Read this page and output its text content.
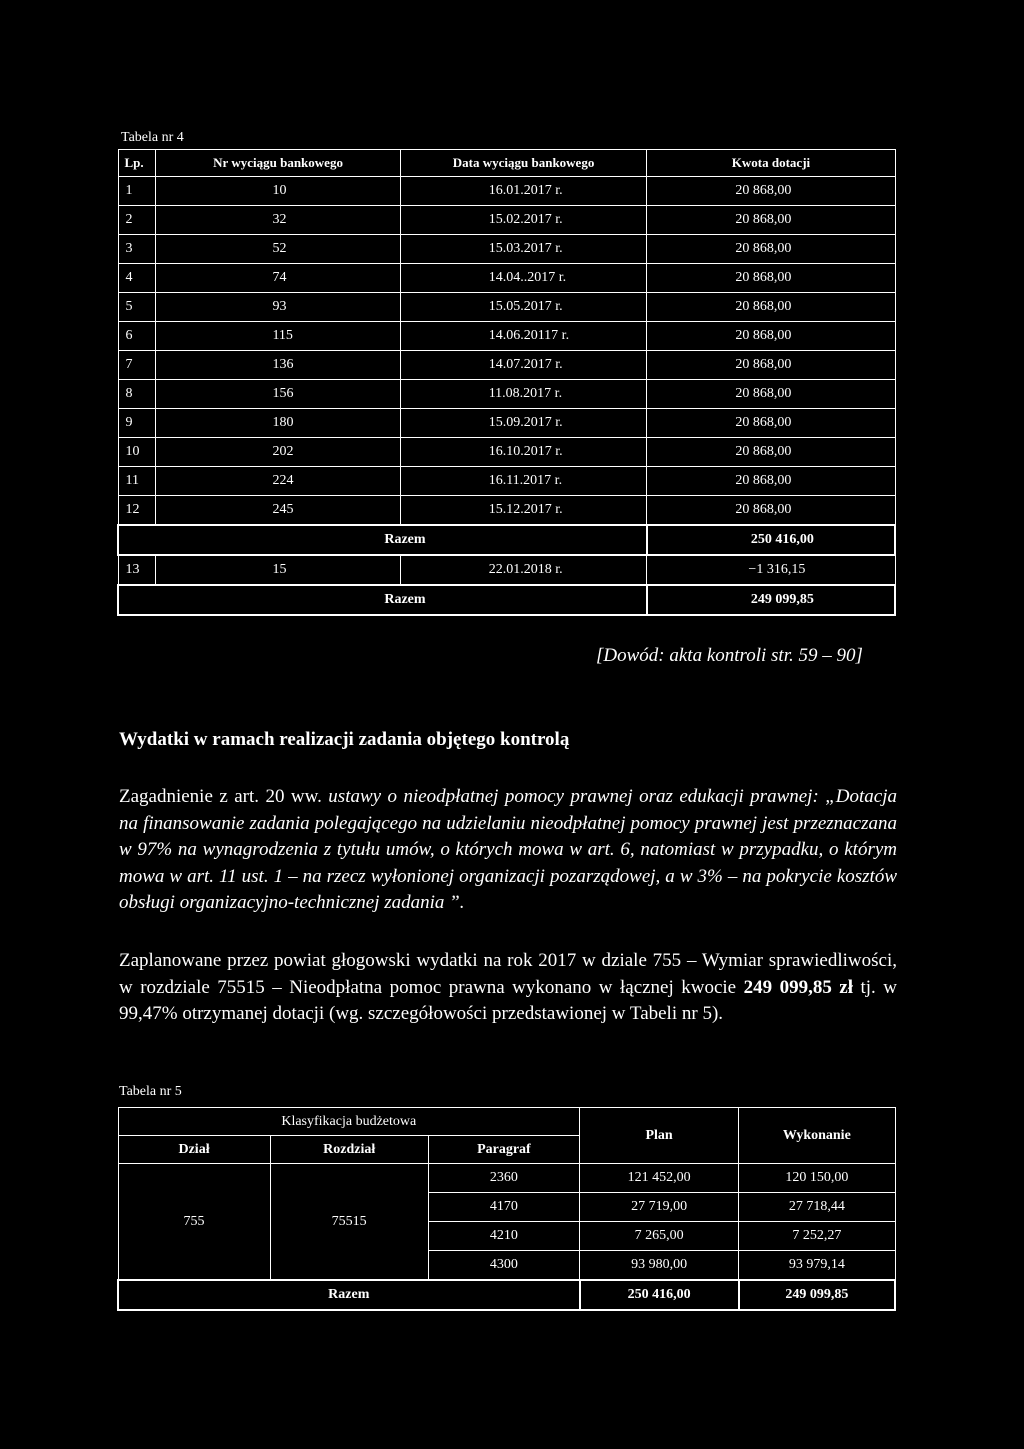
Tabela nr 4
Lp.	Nr wyciągu bankowego	Data wyciągu bankowego	Kwota dotacji
1	10	16.01.2017 r.	20 868,00
2	32	15.02.2017 r.	20 868,00
3	52	15.03.2017 r.	20 868,00
4	74	14.04..2017 r.	20 868,00
5	93	15.05.2017 r.	20 868,00
6	115	14.06.20117 r.	20 868,00
7	136	14.07.2017 r.	20 868,00
8	156	11.08.2017 r.	20 868,00
9	180	15.09.2017 r.	20 868,00
10	202	16.10.2017 r.	20 868,00
11	224	16.11.2017 r.	20 868,00
12	245	15.12.2017 r.	20 868,00
Razem			250 416,00
13	15	22.01.2018 r.	−1 316,15
Razem			249 099,85
[Dowód: akta kontroli str. 59 – 90]
Wydatki w ramach realizacji zadania objętego kontrolą
Zagadnienie z art. 20 ww. ustawy o nieodpłatnej pomocy prawnej oraz edukacji prawnej: „Dotacja na finansowanie zadania polegającego na udzielaniu nieodpłatnej pomocy prawnej jest przeznaczana w 97% na wynagrodzenia z tytułu umów, o których mowa w art. 6, natomiast w przypadku, o którym mowa w art. 11 ust. 1 – na rzecz wyłonionej organizacji pozarządowej, a w 3% – na pokrycie kosztów obsługi organizacyjno-technicznej zadania ”.
Zaplanowane przez powiat głogowski wydatki na rok 2017 w dziale 755 – Wymiar sprawiedliwości, w rozdziale 75515 – Nieodpłatna pomoc prawna wykonano w łącznej kwocie 249 099,85 zł tj. w 99,47% otrzymanej dotacji (wg. szczegółowości przedstawionej w Tabeli nr 5).
Tabela nr 5
Klasyfikacja budżetowa			Plan	Wykonanie
Dział	Rozdział	Paragraf		
755	75515	2360	121 452,00	120 150,00
		4170	27 719,00	27 718,44
		4210	7 265,00	7 252,27
		4300	93 980,00	93 979,14
Razem			250 416,00	249 099,85
